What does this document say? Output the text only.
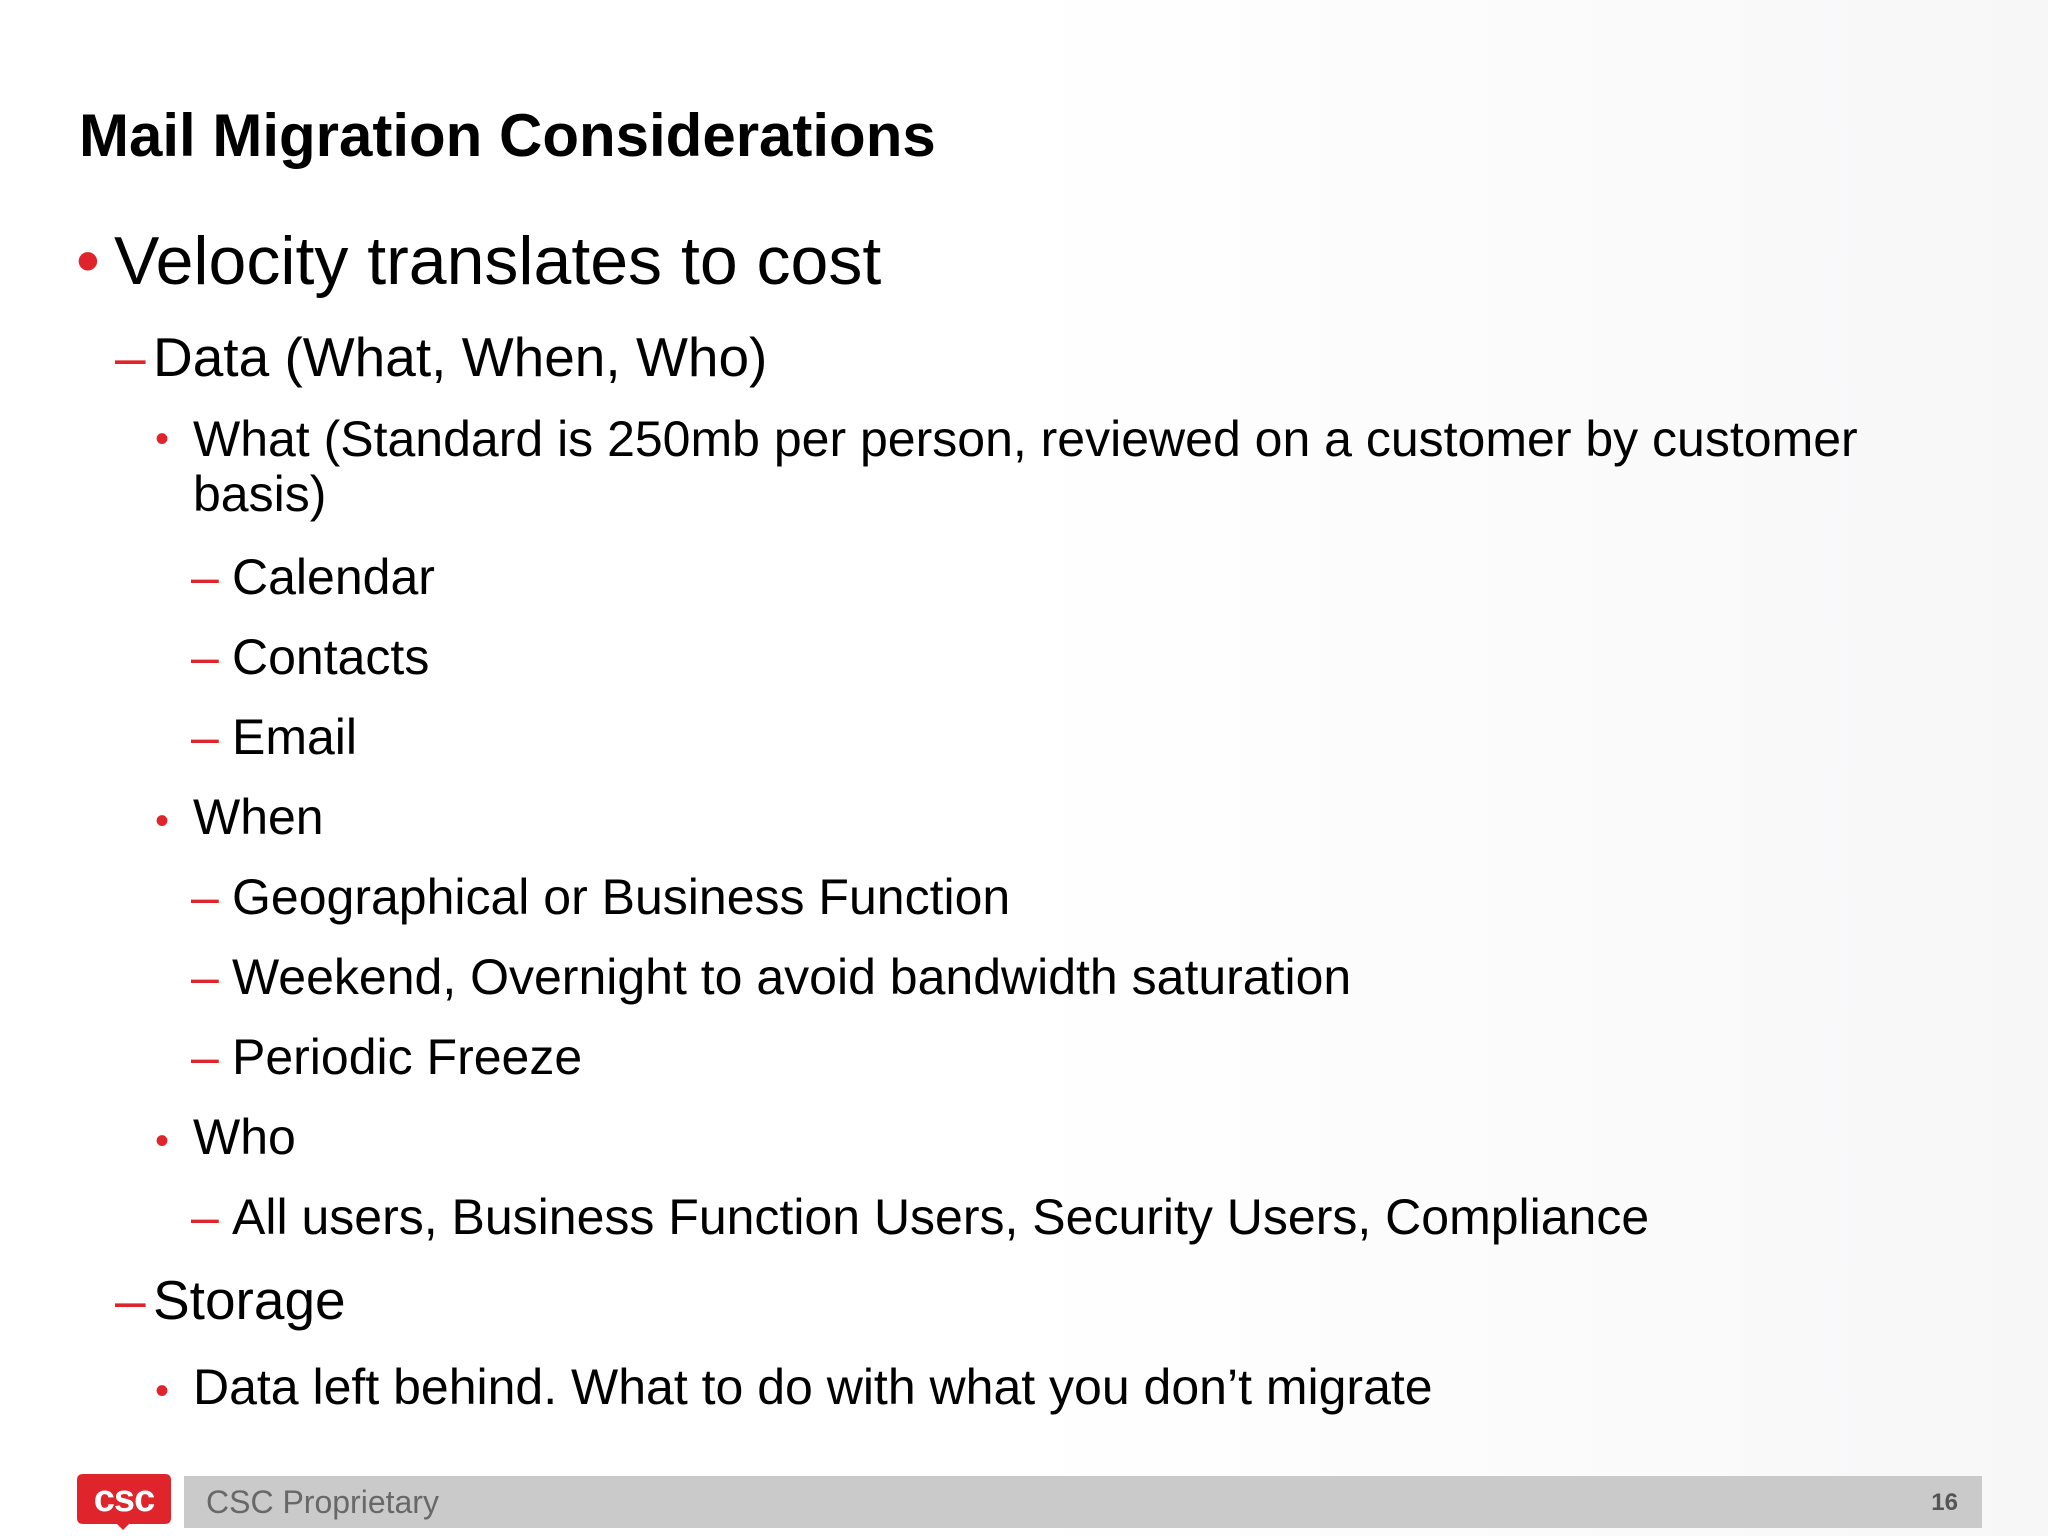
Mail Migration Considerations
• Velocity translates to cost
– Data (What, When, Who)
• What (Standard is 250mb per person, reviewed on a customer by customer basis)
– Calendar
– Contacts
– Email
• When
– Geographical or Business Function
– Weekend, Overnight to avoid bandwidth saturation
– Periodic Freeze
• Who
– All users, Business Function Users, Security Users, Compliance
– Storage
• Data left behind. What to do with what you don’t migrate
csc	CSC Proprietary	16
